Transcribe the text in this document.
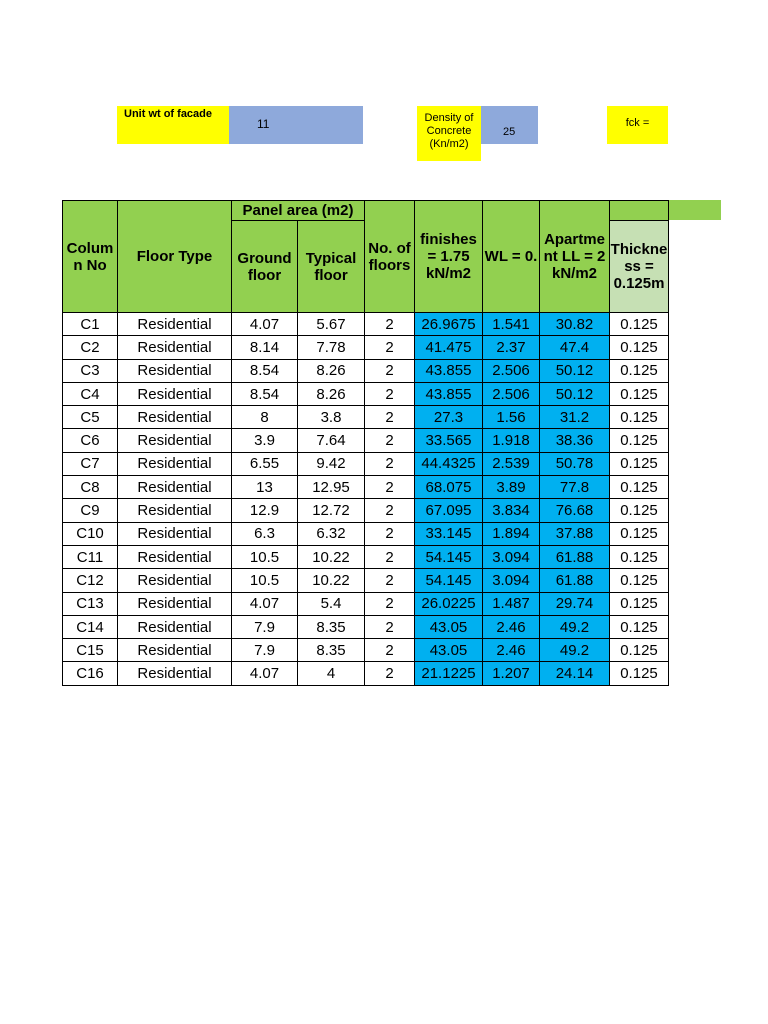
Unit wt of facade
11	Density of Concrete (Kn/m2)
25
fck =
Colum n No	Floor Type	Panel area (m2)		No. of floors	finishes = 1.75 kN/m2	WL = 0.	Apartme nt LL = 2 kN/m2	
		Ground floor	Typical floor					Thickne ss = 0.125m
C1	Residential	4.07	5.67	2	26.9675	1.541	30.82	0.125
C2	Residential	8.14	7.78	2	41.475	2.37	47.4	0.125
C3	Residential	8.54	8.26	2	43.855	2.506	50.12	0.125
C4	Residential	8.54	8.26	2	43.855	2.506	50.12	0.125
C5	Residential	8	3.8	2	27.3	1.56	31.2	0.125
C6	Residential	3.9	7.64	2	33.565	1.918	38.36	0.125
C7	Residential	6.55	9.42	2	44.4325	2.539	50.78	0.125
C8	Residential	13	12.95	2	68.075	3.89	77.8	0.125
C9	Residential	12.9	12.72	2	67.095	3.834	76.68	0.125
C10	Residential	6.3	6.32	2	33.145	1.894	37.88	0.125
C11	Residential	10.5	10.22	2	54.145	3.094	61.88	0.125
C12	Residential	10.5	10.22	2	54.145	3.094	61.88	0.125
C13	Residential	4.07	5.4	2	26.0225	1.487	29.74	0.125
C14	Residential	7.9	8.35	2	43.05	2.46	49.2	0.125
C15	Residential	7.9	8.35	2	43.05	2.46	49.2	0.125
C16	Residential	4.07	4	2	21.1225	1.207	24.14	0.125
